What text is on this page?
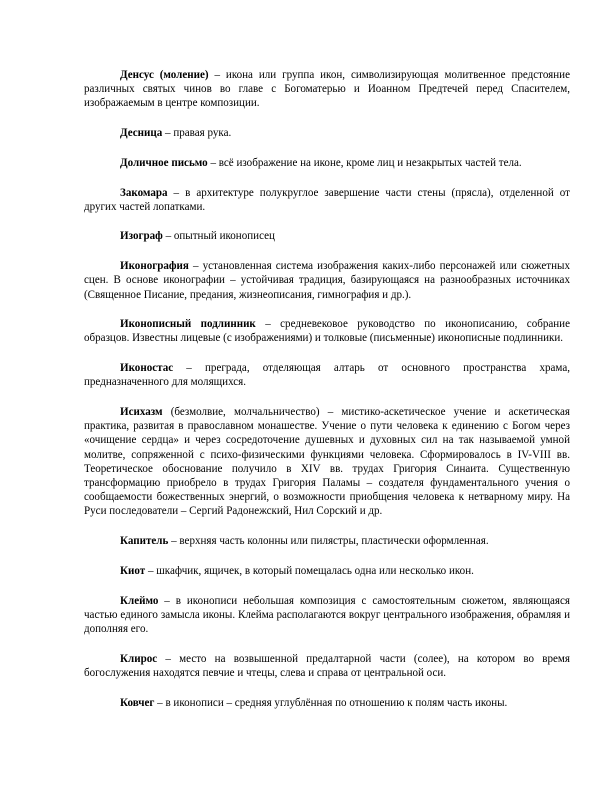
Денсус (моление) – икона или группа икон, символизирующая молитвенное предстояние различных святых чинов во главе с Богоматерью и Иоанном Предтечей перед Спасителем, изображаемым в центре композиции.

Десница – правая рука.

Доличное письмо – всё изображение на иконе, кроме лиц и незакрытых частей тела.

Закомара – в архитектуре полукруглое завершение части стены (прясла), отделенной от других частей лопатками.

Изограф – опытный иконописец

Иконография – установленная система изображения каких-либо персонажей или сюжетных сцен. В основе иконографии – устойчивая традиция, базирующаяся на разнообразных источниках (Священное Писание, предания, жизнеописания, гимнография и др.).

Иконописный подлинник – средневековое руководство по иконописанию, собрание образцов. Известны лицевые (с изображениями) и толковые (письменные) иконописные подлинники.

Иконостас – преграда, отделяющая алтарь от основного пространства храма, предназначенного для молящихся.

Исихазм (безмолвие, молчальничество) – мистико-аскетическое учение и аскетическая практика, развитая в православном монашестве. Учение о пути человека к единению с Богом через «очищение сердца» и через сосредоточение душевных и духовных сил на так называемой умной молитве, сопряженной с психо-физическими функциями человека. Сформировалось в IV-VIII вв. Теоретическое обоснование получило в XIV вв. трудах Григория Синаита. Существенную трансформацию приобрело в трудах Григория Паламы – создателя фундаментального учения о сообщаемости божественных энергий, о возможности приобщения человека к нетварному миру. На Руси последователи – Сергий Радонежский, Нил Сорский и др.

Капитель – верхняя часть колонны или пилястры, пластически оформленная.

Киот – шкафчик, ящичек, в который помещалась одна или несколько икон.

Клеймо – в иконописи небольшая композиция с самостоятельным сюжетом, являющаяся частью единого замысла иконы. Клейма располагаются вокруг центрального изображения, обрамляя и дополняя его.

Клирос – место на возвышенной предалтарной части (солее), на котором во время богослужения находятся певчие и чтецы, слева и справа от центральной оси.

Ковчег – в иконописи – средняя углублённая по отношению к полям часть иконы.
